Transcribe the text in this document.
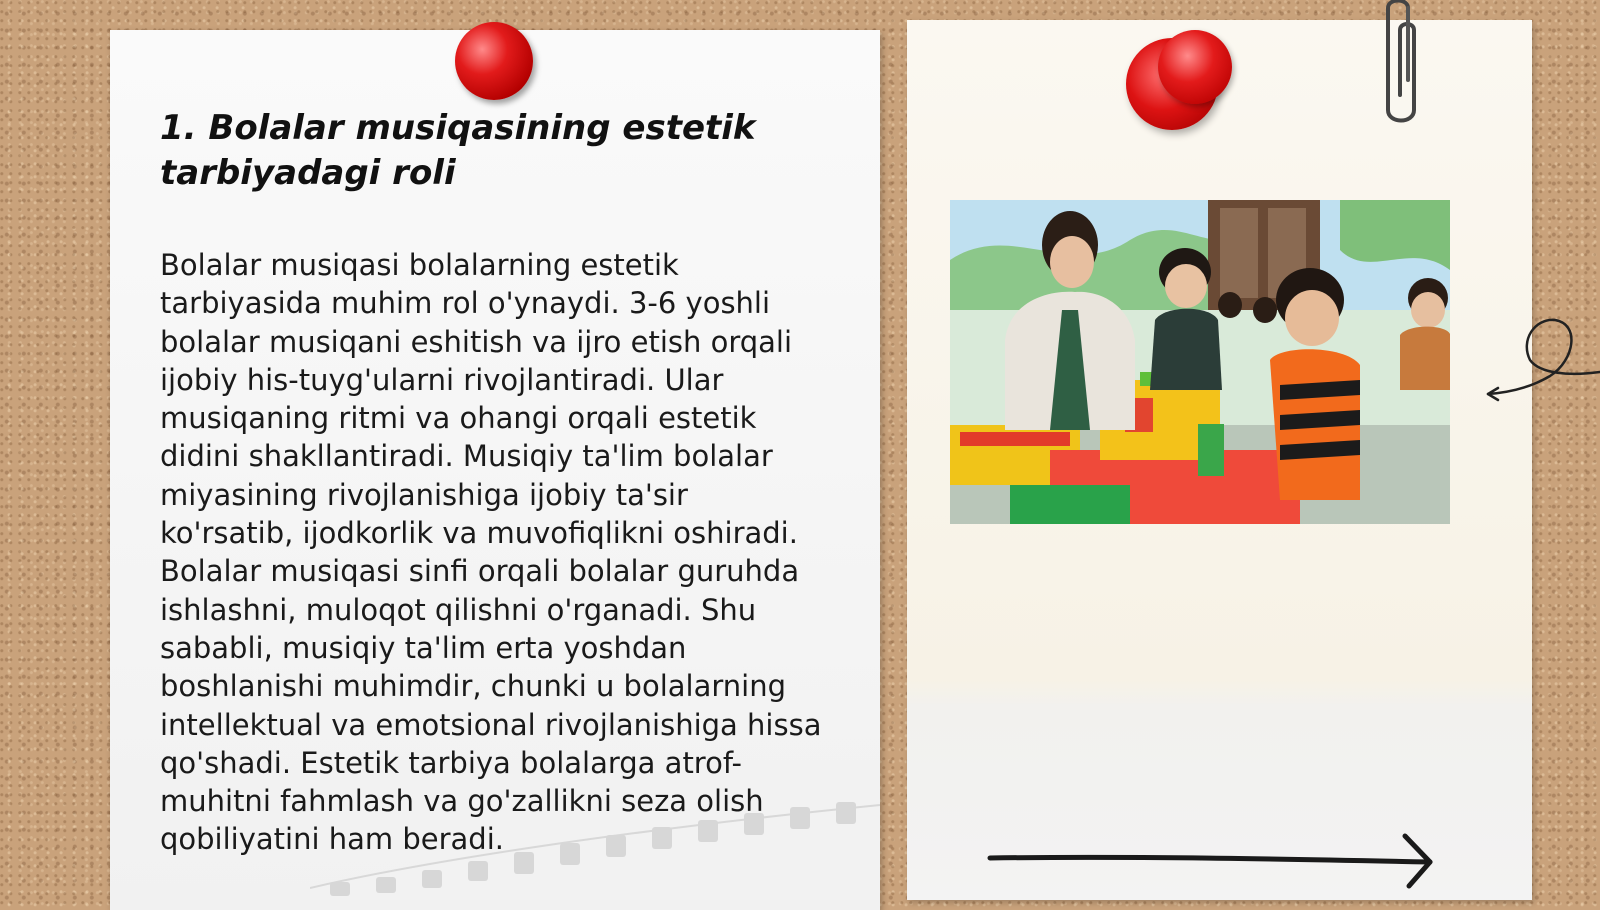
1. Bolalar musiqasining estetik
tarbiyadagi roli

Bolalar musiqasi bolalarning estetik
tarbiyasida muhim rol o'ynaydi. 3-6 yoshli
bolalar musiqani eshitish va ijro etish orqali
ijobiy his-tuyg'ularni rivojlantiradi. Ular
musiqaning ritmi va ohangi orqali estetik
didini shakllantiradi. Musiqiy ta'lim bolalar
miyasining rivojlanishiga ijobiy ta'sir
ko'rsatib, ijodkorlik va muvofiqlikni oshiradi.
Bolalar musiqasi sinfi orqali bolalar guruhda
ishlashni, muloqot qilishni o'rganadi. Shu
sababli, musiqiy ta'lim erta yoshdan
boshlanishi muhimdir, chunki u bolalarning
intellektual va emotsional rivojlanishiga hissa
qo'shadi. Estetik tarbiya bolalarga atrof-
muhitni fahmlash va go'zallikni seza olish
qobiliyatini ham beradi.
